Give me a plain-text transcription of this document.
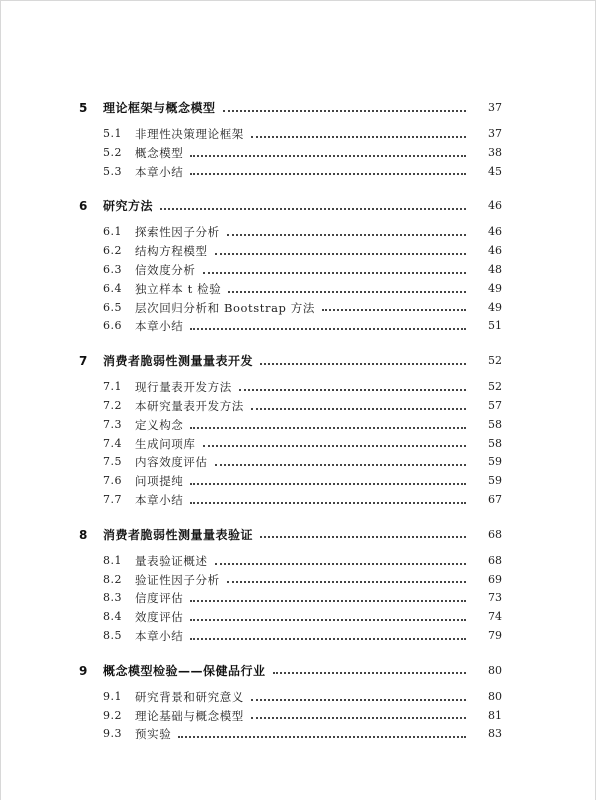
5	理论框架与概念模型	37
5.1	非理性决策理论框架	37
5.2	概念模型	38
5.3	本章小结	45
6	研究方法	46
6.1	探索性因子分析	46
6.2	结构方程模型	46
6.3	信效度分析	48
6.4	独立样本 t 检验	49
6.5	层次回归分析和 Bootstrap 方法	49
6.6	本章小结	51
7	消费者脆弱性测量量表开发	52
7.1	现行量表开发方法	52
7.2	本研究量表开发方法	57
7.3	定义构念	58
7.4	生成问项库	58
7.5	内容效度评估	59
7.6	问项提纯	59
7.7	本章小结	67
8	消费者脆弱性测量量表验证	68
8.1	量表验证概述	68
8.2	验证性因子分析	69
8.3	信度评估	73
8.4	效度评估	74
8.5	本章小结	79
9	概念模型检验——保健品行业	80
9.1	研究背景和研究意义	80
9.2	理论基础与概念模型	81
9.3	预实验	83
